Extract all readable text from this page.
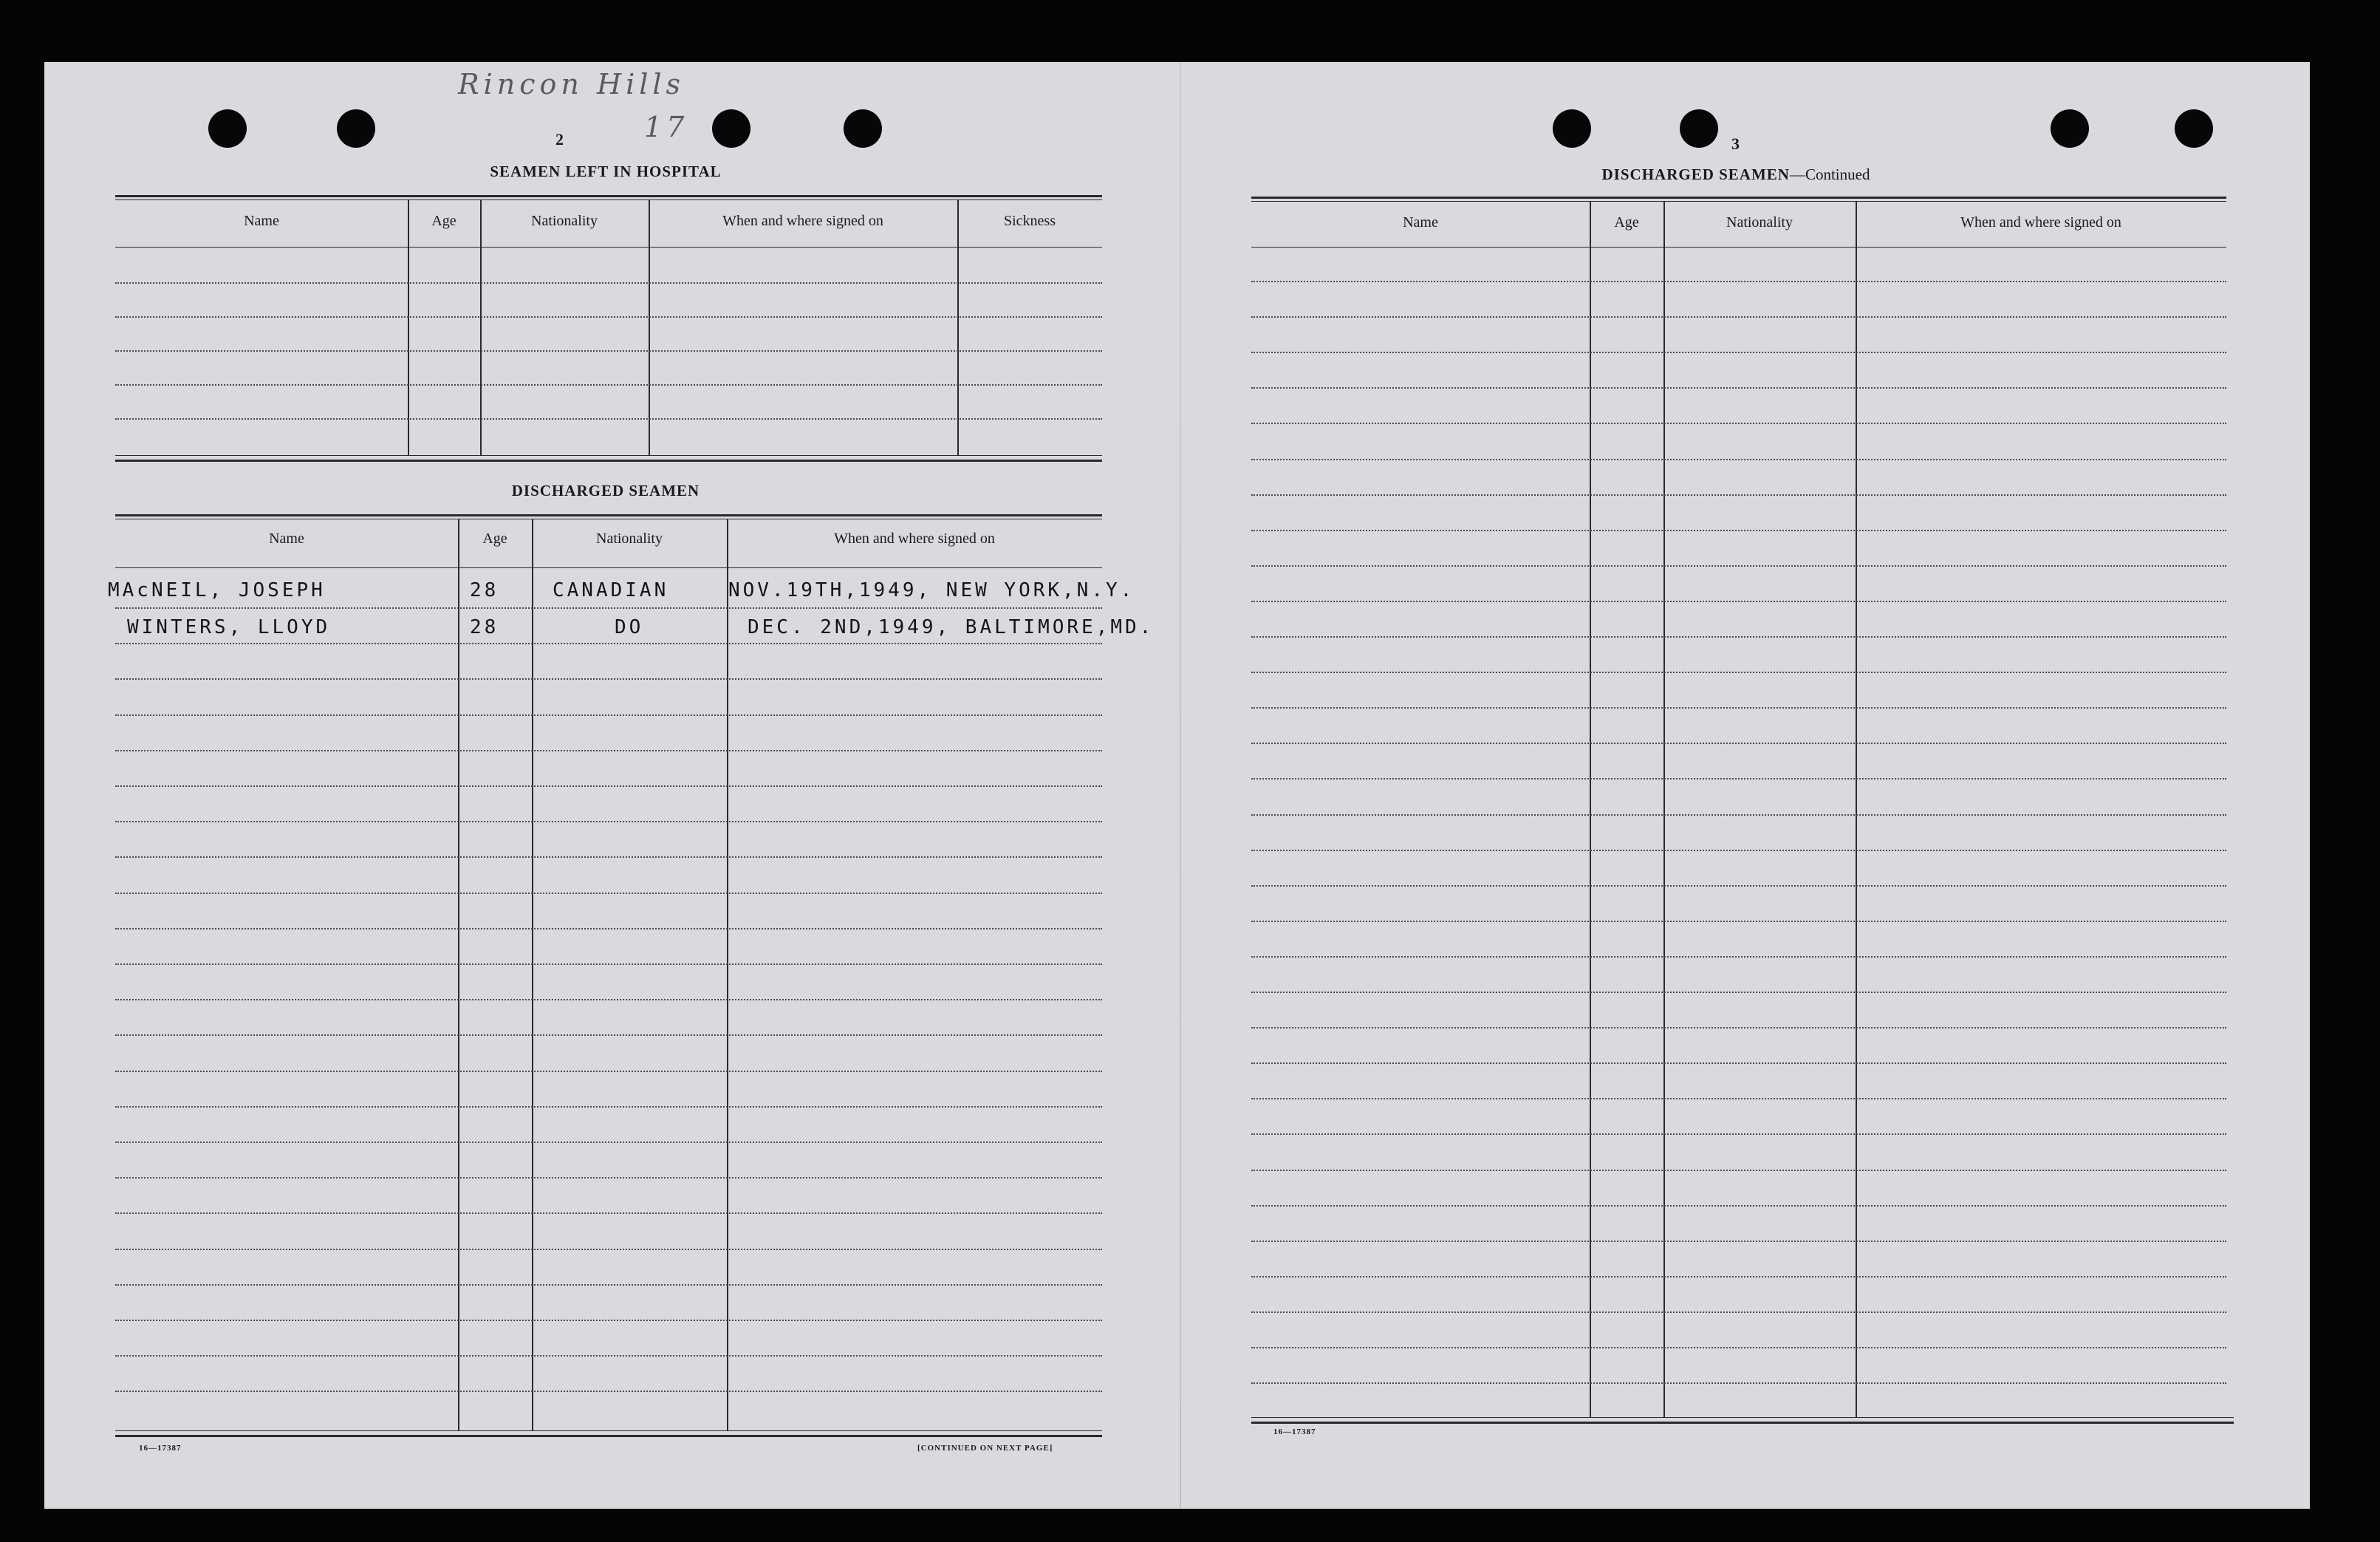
Rincon Hills
17
2
SEAMEN LEFT IN HOSPITAL
Name	Age	Nationality	When and where signed on	Sickness
DISCHARGED SEAMEN
Name	Age	Nationality	When and where signed on
MAcNEIL, JOSEPH	28	CANADIAN	NOV.19TH,1949, NEW YORK,N.Y.
WINTERS, LLOYD	28	DO	DEC. 2ND,1949, BALTIMORE,MD.
16—17387	[CONTINUED ON NEXT PAGE]
3
DISCHARGED SEAMEN—Continued
Name	Age	Nationality	When and where signed on
16—17387
